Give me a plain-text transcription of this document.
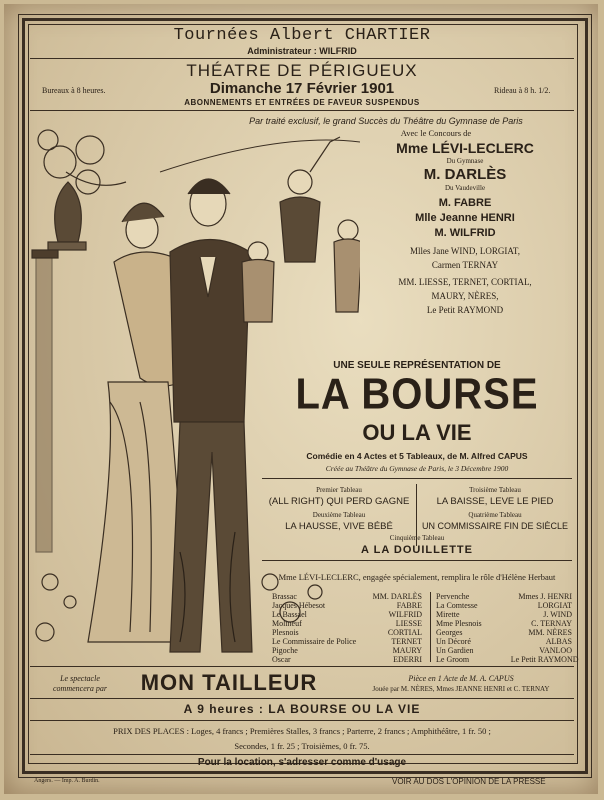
Tournées Albert CHARTIER
Administrateur : WILFRID
THÉATRE DE PÉRIGUEUX
Bureaux à 8 heures.	Dimanche 17 Février 1901	Rideau à 8 h. 1/2.
ABONNEMENTS ET ENTRÉES DE FAVEUR SUSPENDUS
Par traité exclusif, le grand Succès du Théâtre du Gymnase de Paris
Avec le Concours de
Mme LÉVI-LECLERC
Du Gymnase
M. DARLÈS
Du Vaudeville
M. FABRE
Mlle Jeanne HENRI
M. WILFRID
Mlles Jane WIND, LORGIAT,
Carmen TERNAY
MM. LIESSE, TERNET, CORTIAL,
MAURY, NÈRES,
Le Petit RAYMOND
UNE SEULE REPRÉSENTATION DE
LA BOURSE
OU LA VIE
Comédie en 4 Actes et 5 Tableaux, de M. Alfred CAPUS
Créée au Théâtre du Gymnase de Paris, le 3 Décembre 1900
Premier Tableau
(ALL RIGHT) QUI PERD GAGNE
Deuxième Tableau
LA HAUSSE, VIVE BÉBÉ
Troisième Tableau
LA BAISSE, LEVE LE PIED
Quatrième Tableau
UN COMMISSAIRE FIN DE SIÈCLE
Cinquième Tableau
A LA DOUILLETTE
Mme LÉVI-LECLERC, engagée spécialement, remplira le rôle d'Hélène Herbaut
Brassac	MM. DARLÈS
Jacques Hébesot	FABRE
Le Bassael	WILFRID
Molineuf	LIESSE
Plesnois	CORTIAL
Le Commissaire de Police	TERNET
Pigoche	MAURY
Oscar	EDERRI
Pervenche	Mmes J. HENRI
La Comtesse	LORGIAT
Mirette	J. WIND
Mme Plesnois	C. TERNAY
Georges	MM. NÈRES
Un Décoré	ALBAS
Un Gardien	VANLOO
Le Groom	Le Petit RAYMOND
Le spectacle
commencera par	MON TAILLEUR	Pièce en 1 Acte de M. A. CAPUS
Jouée par M. NÈRES, Mmes JEANNE HENRI et C. TERNAY
A 9 heures : LA BOURSE OU LA VIE
PRIX DES PLACES : Loges, 4 francs ; Premières Stalles, 3 francs ; Parterre, 2 francs ; Amphithéâtre, 1 fr. 50 ;
Secondes, 1 fr. 25 ; Troisièmes, 0 fr. 75.
Pour la location, s'adresser comme d'usage
Angers. — Imp. A. Burdin.	VOIR AU DOS L'OPINION DE LA PRESSE
